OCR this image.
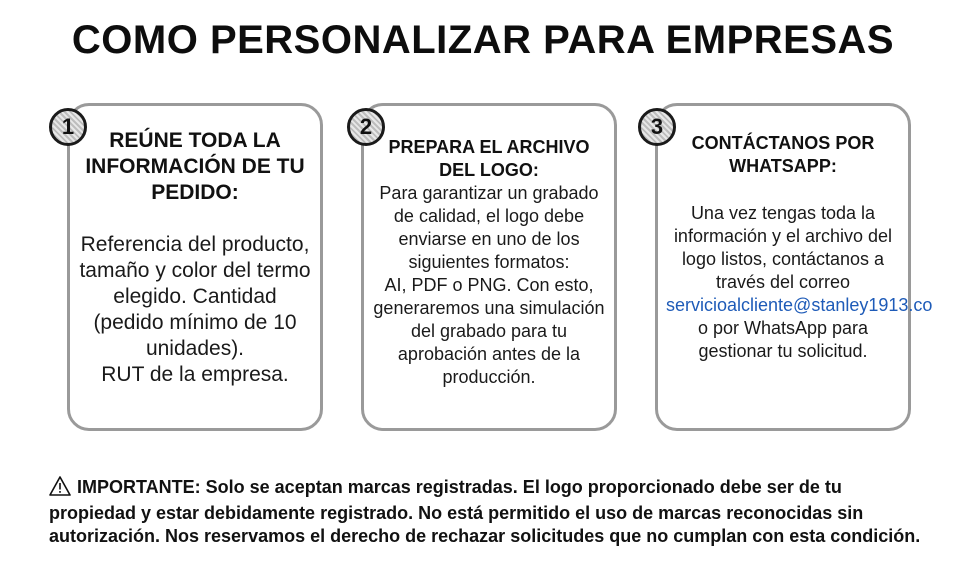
COMO PERSONALIZAR PARA EMPRESAS
REÚNE TODA LA INFORMACIÓN DE TU PEDIDO:
Referencia del producto, tamaño y color del termo elegido. Cantidad (pedido mínimo de 10 unidades).
RUT de la empresa.
1
PREPARA EL ARCHIVO DEL LOGO:
Para garantizar un grabado de calidad, el logo debe enviarse en uno de los siguientes formatos:
AI, PDF o PNG. Con esto, generaremos una simulación del grabado para tu aprobación antes de la producción.
2
CONTÁCTANOS POR WHATSAPP:
Una vez tengas toda la información y el archivo del logo listos, contáctanos a través del correo
servicioalcliente@stanley1913.co
o por WhatsApp para gestionar tu solicitud.
3
IMPORTANTE: Solo se aceptan marcas registradas. El logo proporcionado debe ser de tu propiedad y estar debidamente registrado. No está permitido el uso de marcas reconocidas sin autorización. Nos reservamos el derecho de rechazar solicitudes que no cumplan con esta condición.
